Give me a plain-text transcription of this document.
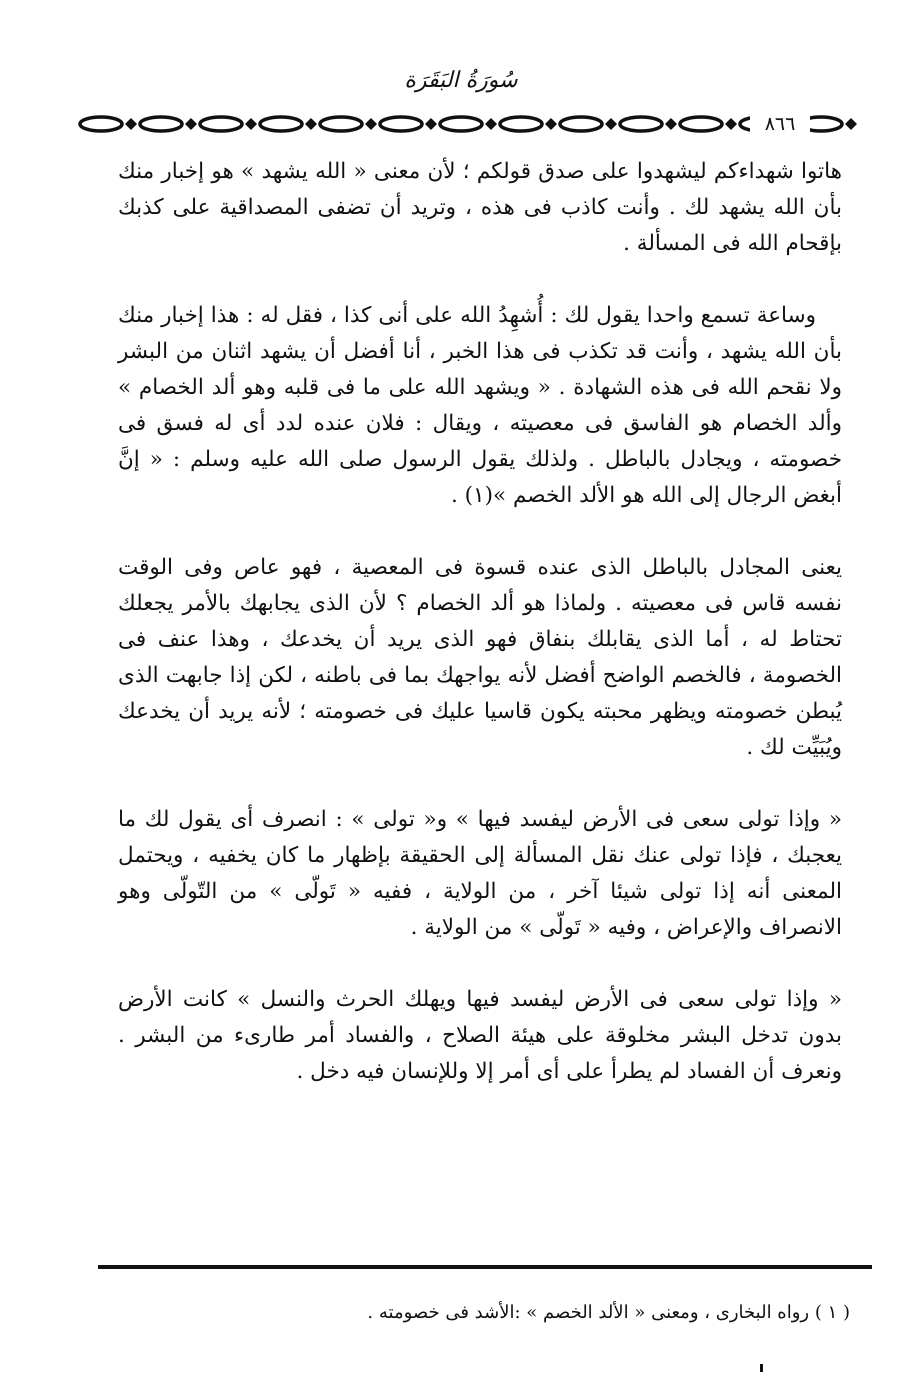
سُورَةُ البَقَرَة
٨٦٦

هاتوا شهداءكم ليشهدوا على صدق قولكم ؛ لأن معنى « الله يشهد » هو إخبار منك بأن الله يشهد لك . وأنت كاذب فى هذه ، وتريد أن تضفى المصداقية على كذبك بإقحام الله فى المسألة .

وساعة تسمع واحدا يقول لك : أُشهِدُ الله على أنى كذا ، فقل له : هذا إخبار منك بأن الله يشهد ، وأنت قد تكذب فى هذا الخبر ، أنا أفضل أن يشهد اثنان من البشر ولا نقحم الله فى هذه الشهادة . « ويشهد الله على ما فى قلبه وهو ألد الخصام » وألد الخصام هو الفاسق فى معصيته ، ويقال : فلان عنده لدد أى له فسق فى خصومته ، ويجادل بالباطل . ولذلك يقول الرسول صلى الله عليه وسلم : « إنَّ أبغض الرجال إلى الله هو الألد الخصم »(١) .

يعنى المجادل بالباطل الذى عنده قسوة فى المعصية ، فهو عاص وفى الوقت نفسه قاس فى معصيته . ولماذا هو ألد الخصام ؟ لأن الذى يجابهك بالأمر يجعلك تحتاط له ، أما الذى يقابلك بنفاق فهو الذى يريد أن يخدعك ، وهذا عنف فى الخصومة ، فالخصم الواضح أفضل لأنه يواجهك بما فى باطنه ، لكن إذا جابهت الذى يُبطن خصومته ويظهر محبته يكون قاسيا عليك فى خصومته ؛ لأنه يريد أن يخدعك ويُبَيِّت لك .

« وإذا تولى سعى فى الأرض ليفسد فيها » و« تولى » : انصرف أى يقول لك ما يعجبك ، فإذا تولى عنك نقل المسألة إلى الحقيقة بإظهار ما كان يخفيه ، ويحتمل المعنى أنه إذا تولى شيئا آخر ، من الولاية ، ففيه « تَولّى » من التّولّى وهو الانصراف والإعراض ، وفيه « تَولّى » من الولاية .

« وإذا تولى سعى فى الأرض ليفسد فيها ويهلك الحرث والنسل » كانت الأرض بدون تدخل البشر مخلوقة على هيئة الصلاح ، والفساد أمر طارىء من البشر . ونعرف أن الفساد لم يطرأ على أى أمر إلا وللإنسان فيه دخل .

( ١ ) رواه البخارى ، ومعنى « الألد الخصم » :الأشد فى خصومته .
